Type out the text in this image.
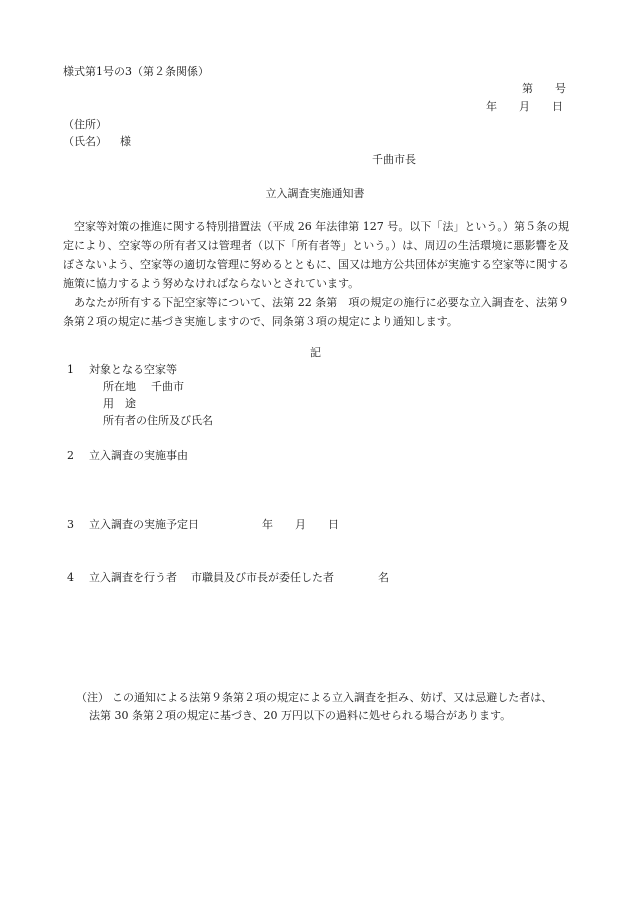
様式第1号の3（第２条関係）
第　　号
年　　月　　日
（住所）
（氏名） 様
千曲市長
立入調査実施通知書
空家等対策の推進に関する特別措置法（平成 26 年法律第 127 号。以下「法」という。）第５条の規定により、空家等の所有者又は管理者（以下「所有者等」という。）は、周辺の生活環境に悪影響を及ぼさないよう、空家等の適切な管理に努めるとともに、国又は地方公共団体が実施する空家等に関する施策に協力するよう努めなければならないとされています。
あなたが所有する下記空家等について、法第 22 条第　項の規定の施行に必要な立入調査を、法第９条第２項の規定に基づき実施しますので、同条第３項の規定により通知します。
記
1 対象となる空家等
所在地 千曲市
用　途
所有者の住所及び氏名
2 立入調査の実施事由
3 立入調査の実施予定日	年　　月　　日
4 立入調査を行う者 市職員及び市長が委任した者	名
（注） この通知による法第９条第２項の規定による立入調査を拒み、妨げ、又は忌避した者は、
法第 30 条第２項の規定に基づき、20 万円以下の過料に処せられる場合があります。
